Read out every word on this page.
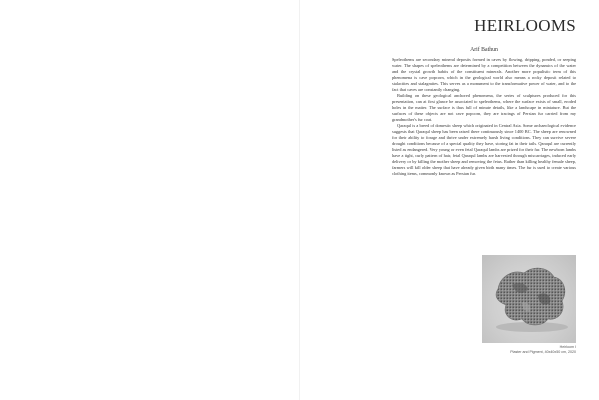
HEIRLOOMS
Arif Bathun

Speleothems are secondary mineral deposits formed in caves by flowing, dripping, ponded, or seeping water. The shapes of speleothems are determined by a competition between the dynamics of the water and the crystal growth habits of the constituent minerals. Another more populistic term of this phenomena is cave popcorn, which in the geological world also means a rocky deposit related to stalactites and stalagmites. This serves as a monument to the transformative power of water, and to the fact that caves are constantly changing.

Building on these geological anchored phenomena, the series of sculptures produced for this presentation, can at first glance be associated to speleothems, where the surface exists of small, eroded holes in the matter. The surface is thus full of minute details, like a landscape in miniature. But the surfaces of these objects are not cave popcorn, they are tracings of Persian fur carried from my grandmother's fur coat.

Qaraqul is a breed of domestic sheep which originated in Central Asia. Some archaeological evidence suggests that Qaraqul sheep has been raised there continuously since 1400 BC. The sheep are renowned for their ability to forage and thrive under extremely harsh living conditions. They can survive severe drought conditions because of a special quality they have, storing fat in their tails. Qaraqul are currently listed as endangered. Very young or even fetal Qaraqul lambs are prized for their fur. The newborn lambs have a tight, curly pattern of hair, fetal Qaraqul lambs are harvested through miscarriages, induced early delivery or by killing the mother sheep and removing the fetus. Rather than killing healthy female sheep, farmers will kill older sheep that have already given birth many times. The fur is used to create various clothing items, commonly known as Persian fur.

Heirloom I
Plaster and Pigment, 40x40x50 cm, 2020
